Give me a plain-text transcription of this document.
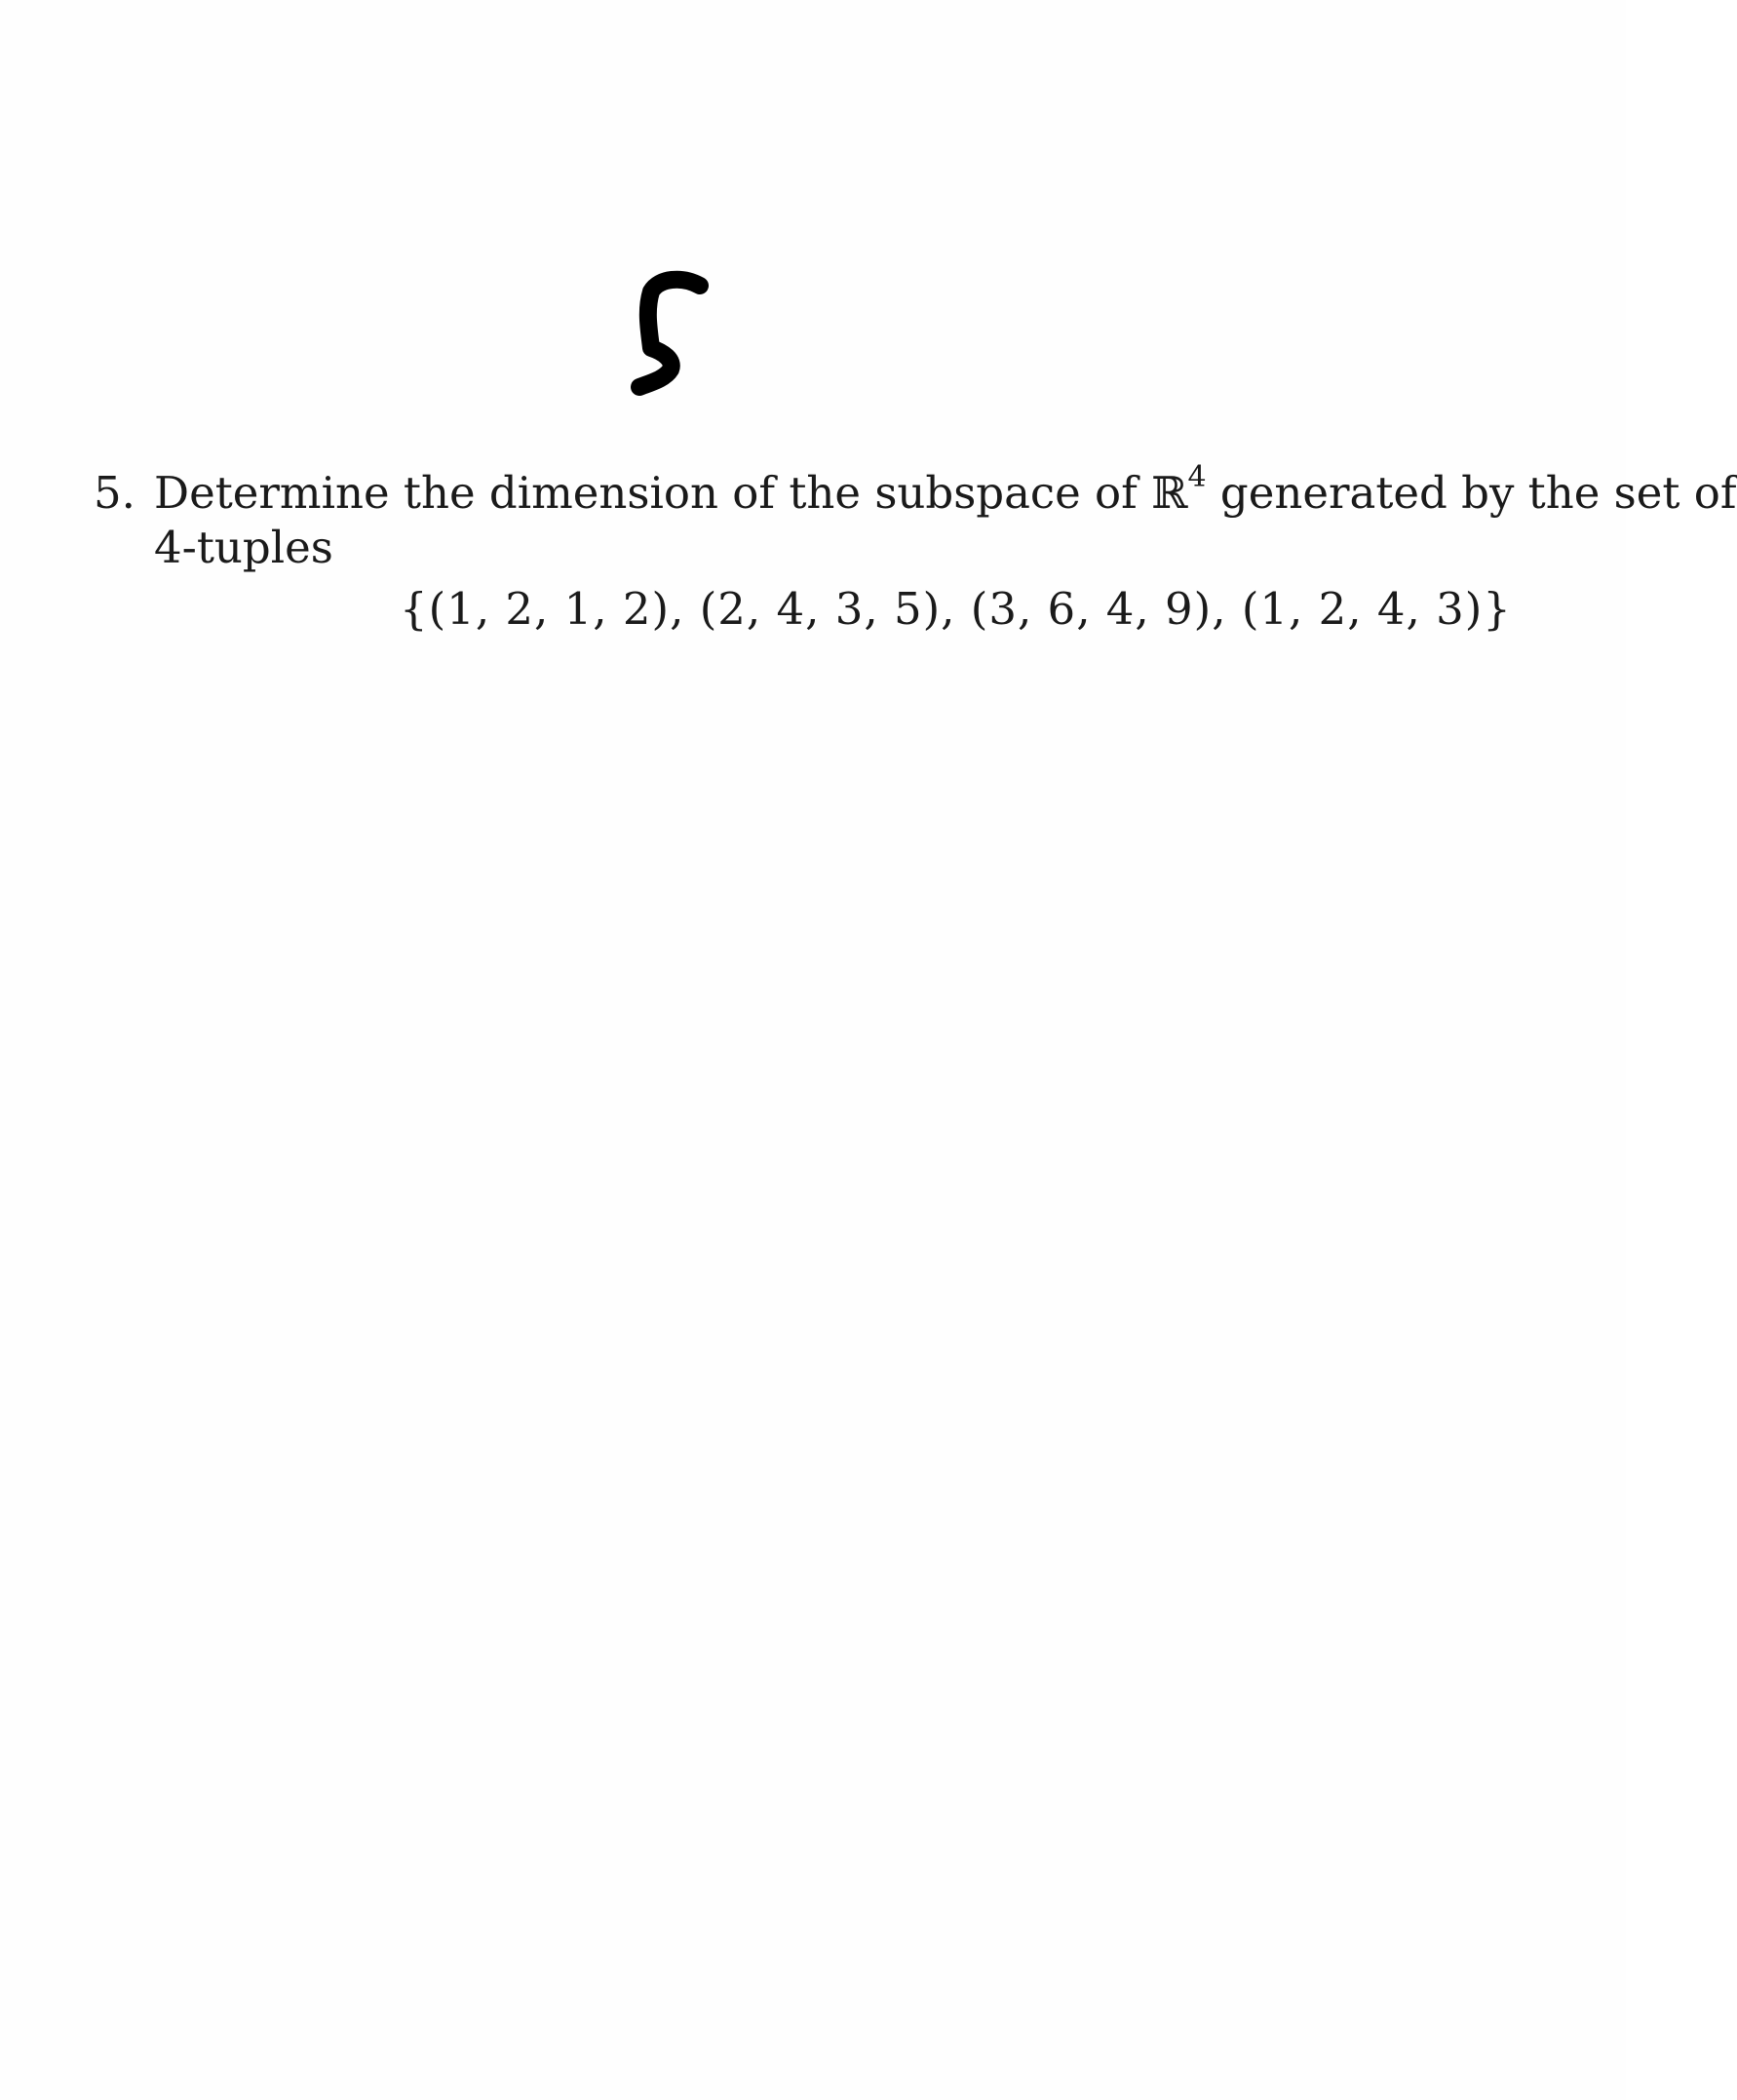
5. Determine the dimension of the subspace of ℝ$^4$ generated by the set of
4-tuples
{(1, 2, 1, 2), (2, 4, 3, 5), (3, 6, 4, 9), (1, 2, 4, 3)}
